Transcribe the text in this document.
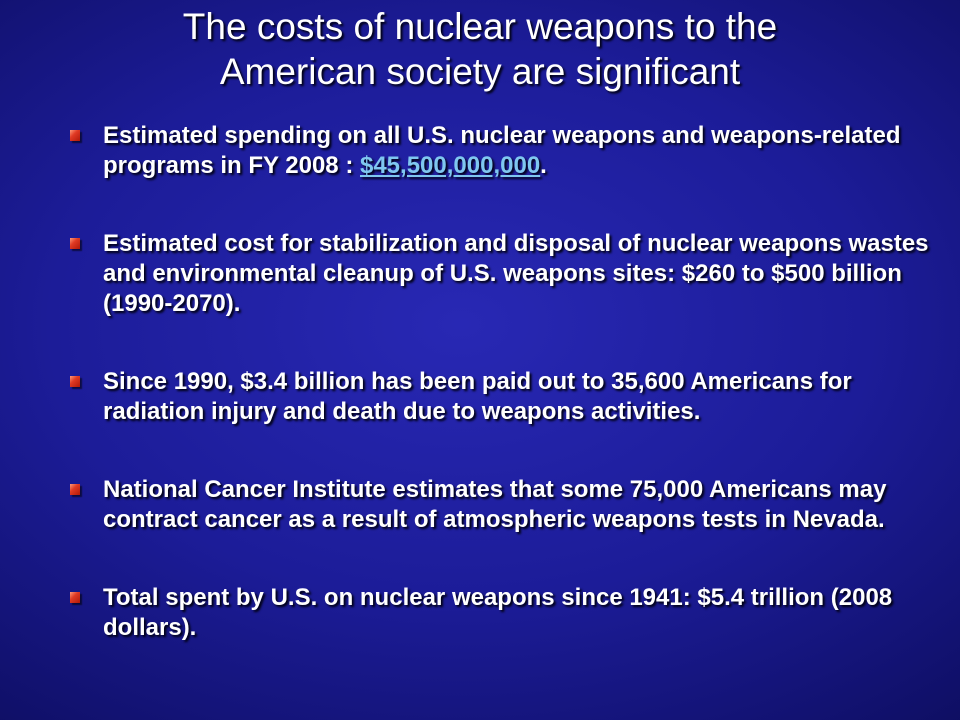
The costs of nuclear weapons to the
American society are significant
Estimated spending on all U.S. nuclear weapons and weapons-related programs in FY 2008 : $45,500,000,000.
Estimated cost for stabilization and disposal of nuclear weapons wastes and environmental cleanup of U.S. weapons sites: $260 to $500 billion (1990-2070).
Since 1990, $3.4 billion has been paid out to 35,600 Americans for radiation injury and death due to weapons activities.
National Cancer Institute estimates that some 75,000 Americans may contract cancer as a result of atmospheric weapons tests in Nevada.
Total spent by U.S. on nuclear weapons since 1941: $5.4 trillion (2008 dollars).
